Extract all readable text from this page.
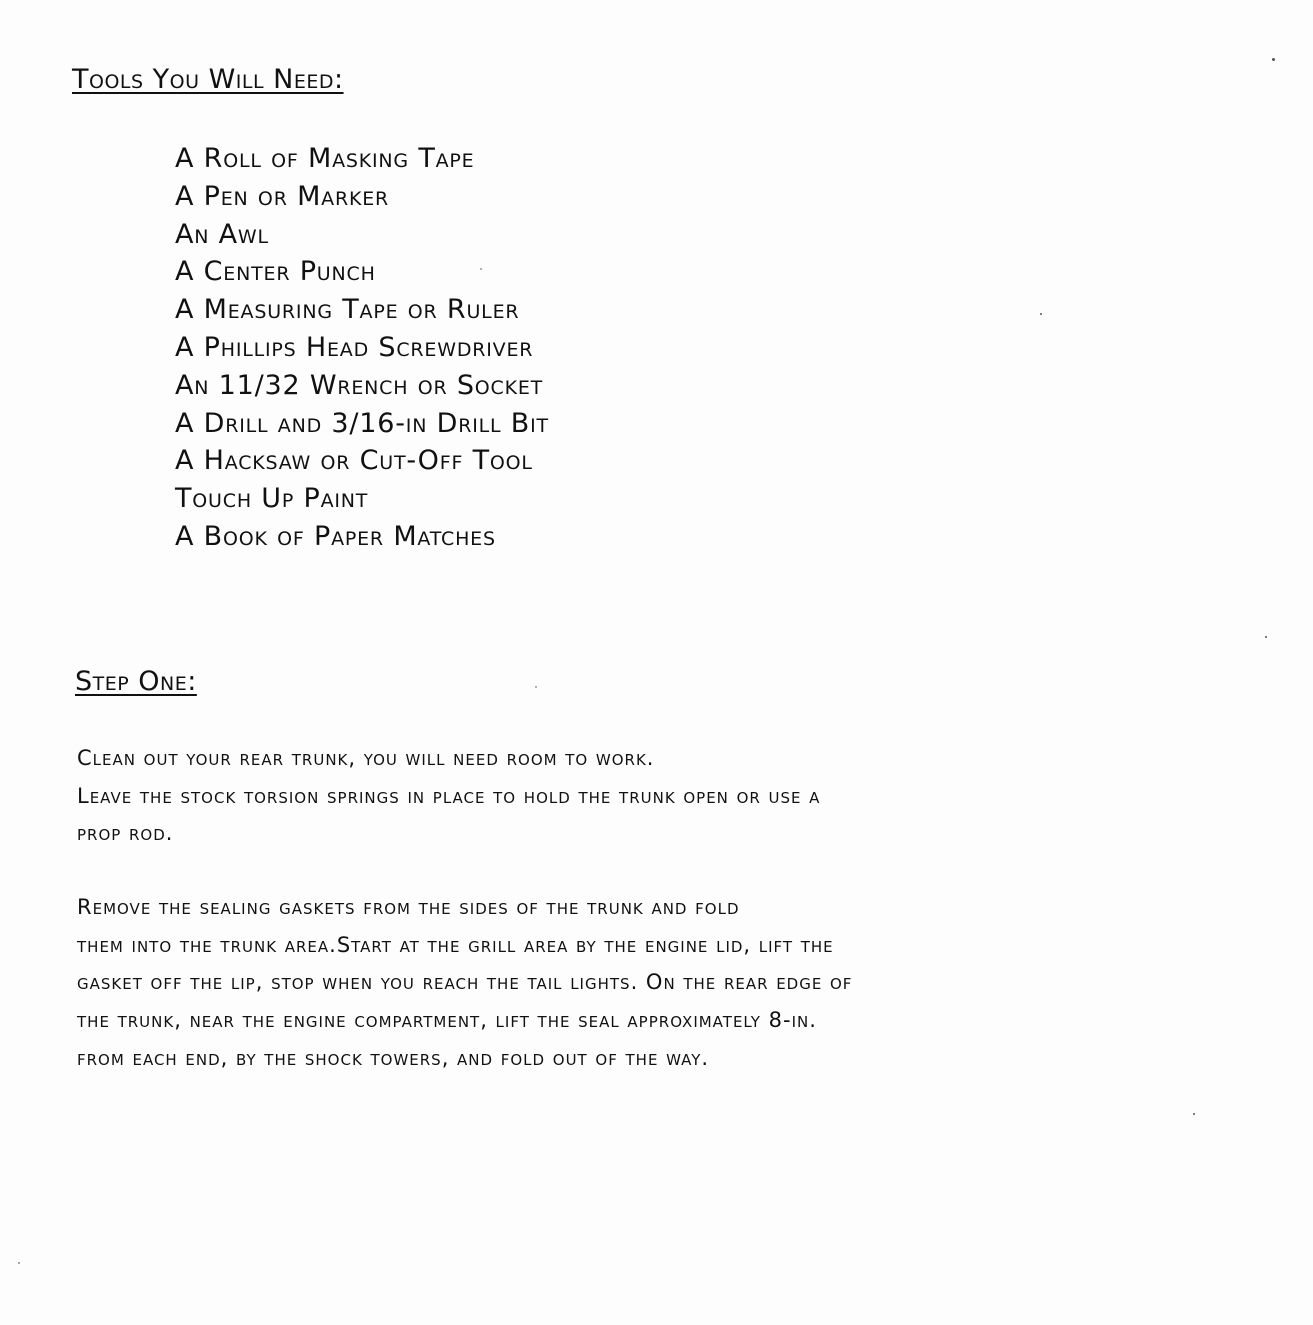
Tools You Will Need:
A Roll of Masking Tape
A Pen or Marker
An Awl
A Center Punch
A Measuring Tape or Ruler
A Phillips Head Screwdriver
An 11/32 Wrench or Socket
A Drill and 3/16-in Drill Bit
A Hacksaw or Cut-Off Tool
Touch Up Paint
A Book of Paper Matches
Step One:

Clean out your rear trunk, you will need room to work.
Leave the stock torsion springs in place to hold the trunk open or use a
prop rod.

Remove the sealing gaskets from the sides of the trunk and fold
them into the trunk area.Start at the grill area by the engine lid, lift the
gasket off the lip, stop when you reach the tail lights. On the rear edge of
the trunk, near the engine compartment, lift the seal approximately 8-in.
from each end, by the shock towers, and fold out of the way.
